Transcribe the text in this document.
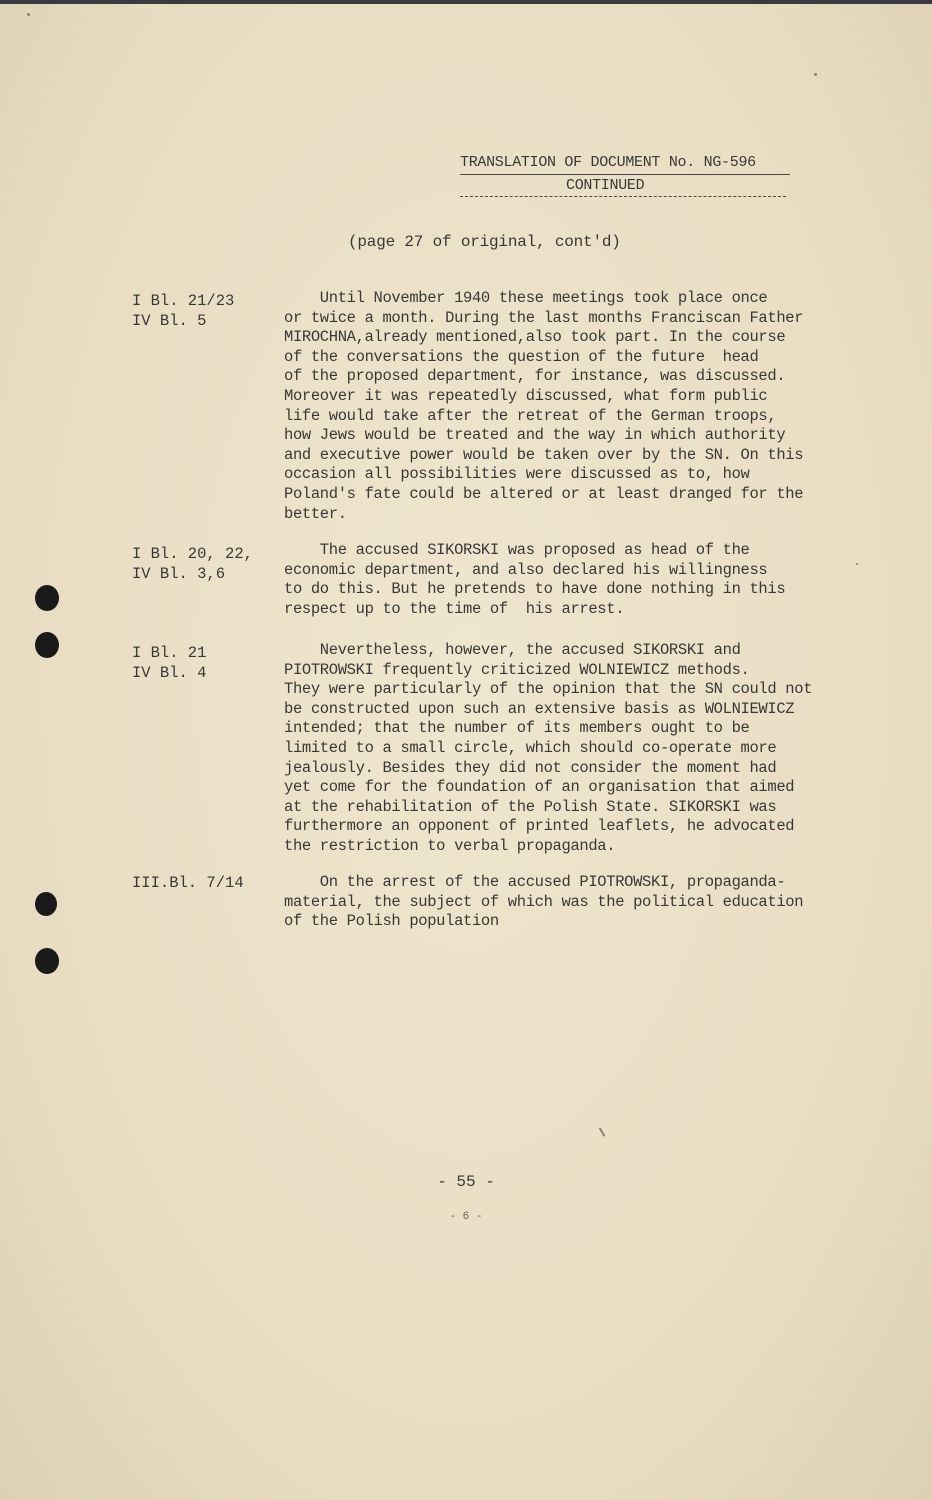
TRANSLATION OF DOCUMENT No. NG-596
CONTINUED
(page 27 of original, cont'd)
I Bl. 21/23
IV Bl. 5
Until November 1940 these meetings took place once
or twice a month. During the last months Franciscan Father
MIROCHNA,already mentioned,also took part. In the course
of the conversations the question of the future  head
of the proposed department, for instance, was discussed.
Moreover it was repeatedly discussed, what form public
life would take after the retreat of the German troops,
how Jews would be treated and the way in which authority
and executive power would be taken over by the SN. On this
occasion all possibilities were discussed as to, how
Poland's fate could be altered or at least dranged for the
better.
I Bl. 20, 22,
IV Bl. 3,6
The accused SIKORSKI was proposed as head of the
economic department, and also declared his willingness
to do this. But he pretends to have done nothing in this
respect up to the time of  his arrest.
I Bl. 21
IV Bl. 4
Nevertheless, however, the accused SIKORSKI and
PIOTROWSKI frequently criticized WOLNIEWICZ methods.
They were particularly of the opinion that the SN could not
be constructed upon such an extensive basis as WOLNIEWICZ
intended; that the number of its members ought to be
limited to a small circle, which should co-operate more
jealously. Besides they did not consider the moment had
yet come for the foundation of an organisation that aimed
at the rehabilitation of the Polish State. SIKORSKI was
furthermore an opponent of printed leaflets, he advocated
the restriction to verbal propaganda.
III.Bl. 7/14	On the arrest of the accused PIOTROWSKI, propaganda-
material, the subject of which was the political education
of the Polish population
- 55 -
- 6 -
